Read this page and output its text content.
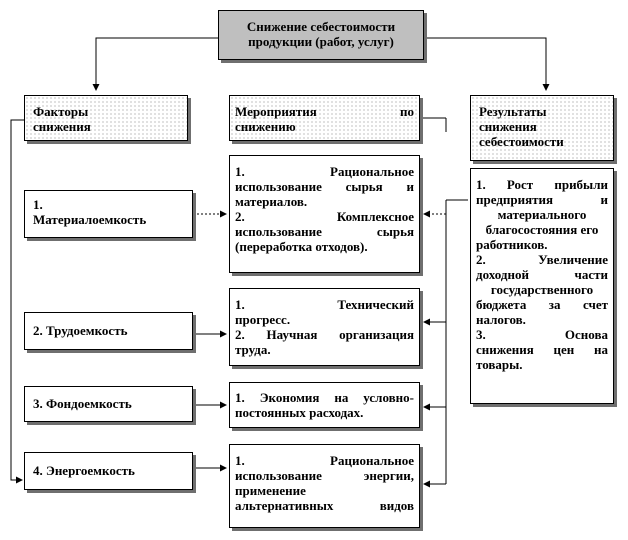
Снижение себестоимости
продукции (работ, услуг)
Факторы
снижения
Мероприятия по
снижению
Результаты
снижения
себестоимости
1. Рост прибыли
предприятия и
материального
благосостояния его
работников.
2. Увеличение
доходной части
государственного
бюджета за счет
налогов.
3. Основа
снижения цен на
товары.
1.
Материалоемкость
2. Трудоемкость
3. Фондоемкость
4. Энергоемкость
1. Рациональное
использование сырья и
материалов.
2. Комплексное
использование сырья
(переработка отходов).
1. Технический
прогресс.
2. Научная организация
труда.
1. Экономия на условно-
постоянных расходах.
1. Рациональное
использование энергии,
применение
альтернативных видов
